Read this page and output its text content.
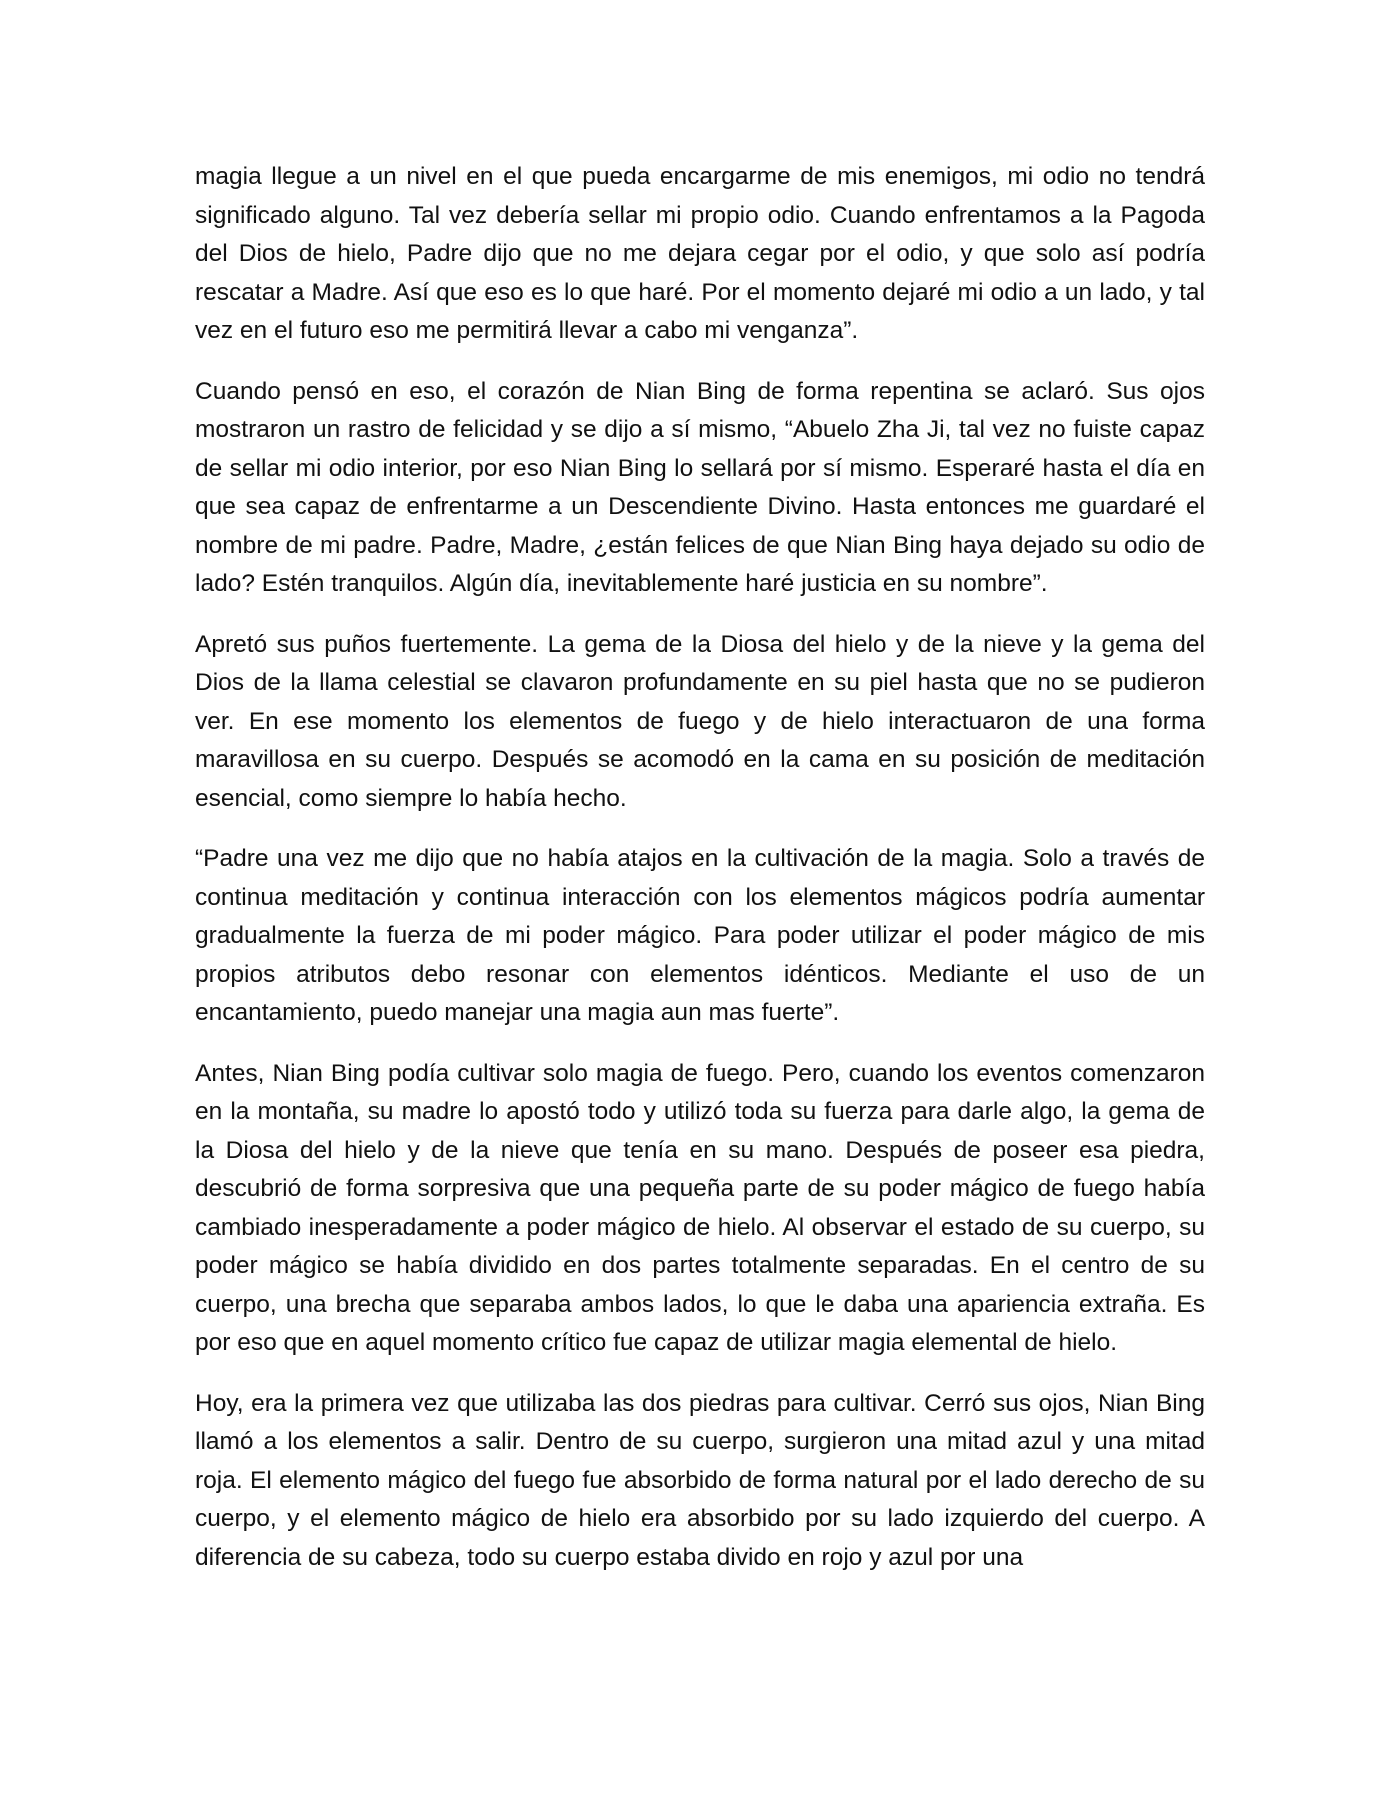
magia llegue a un nivel en el que pueda encargarme de mis enemigos, mi odio no tendrá significado alguno. Tal vez debería sellar mi propio odio. Cuando enfrentamos a la Pagoda del Dios de hielo, Padre dijo que no me dejara cegar por el odio, y que solo así podría rescatar a Madre. Así que eso es lo que haré. Por el momento dejaré mi odio a un lado, y tal vez en el futuro eso me permitirá llevar a cabo mi venganza”.

Cuando pensó en eso, el corazón de Nian Bing de forma repentina se aclaró. Sus ojos mostraron un rastro de felicidad y se dijo a sí mismo, “Abuelo Zha Ji, tal vez no fuiste capaz de sellar mi odio interior, por eso Nian Bing lo sellará por sí mismo. Esperaré hasta el día en que sea capaz de enfrentarme a un Descendiente Divino. Hasta entonces me guardaré el nombre de mi padre. Padre, Madre, ¿están felices de que Nian Bing haya dejado su odio de lado? Estén tranquilos. Algún día, inevitablemente haré justicia en su nombre”.

Apretó sus puños fuertemente. La gema de la Diosa del hielo y de la nieve y la gema del Dios de la llama celestial se clavaron profundamente en su piel hasta que no se pudieron ver. En ese momento los elementos de fuego y de hielo interactuaron de una forma maravillosa en su cuerpo. Después se acomodó en la cama en su posición de meditación esencial, como siempre lo había hecho.

“Padre una vez me dijo que no había atajos en la cultivación de la magia. Solo a través de continua meditación y continua interacción con los elementos mágicos podría aumentar gradualmente la fuerza de mi poder mágico. Para poder utilizar el poder mágico de mis propios atributos debo resonar con elementos idénticos. Mediante el uso de un encantamiento, puedo manejar una magia aun mas fuerte”.

Antes, Nian Bing podía cultivar solo magia de fuego. Pero, cuando los eventos comenzaron en la montaña, su madre lo apostó todo y utilizó toda su fuerza para darle algo, la gema de la Diosa del hielo y de la nieve que tenía en su mano. Después de poseer esa piedra, descubrió de forma sorpresiva que una pequeña parte de su poder mágico de fuego había cambiado inesperadamente a poder mágico de hielo. Al observar el estado de su cuerpo, su poder mágico se había dividido en dos partes totalmente separadas. En el centro de su cuerpo, una brecha que separaba ambos lados, lo que le daba una apariencia extraña. Es por eso que en aquel momento crítico fue capaz de utilizar magia elemental de hielo.

Hoy, era la primera vez que utilizaba las dos piedras para cultivar. Cerró sus ojos, Nian Bing llamó a los elementos a salir. Dentro de su cuerpo, surgieron una mitad azul y una mitad roja. El elemento mágico del fuego fue absorbido de forma natural por el lado derecho de su cuerpo, y el elemento mágico de hielo era absorbido por su lado izquierdo del cuerpo. A diferencia de su cabeza, todo su cuerpo estaba divido en rojo y azul por una
